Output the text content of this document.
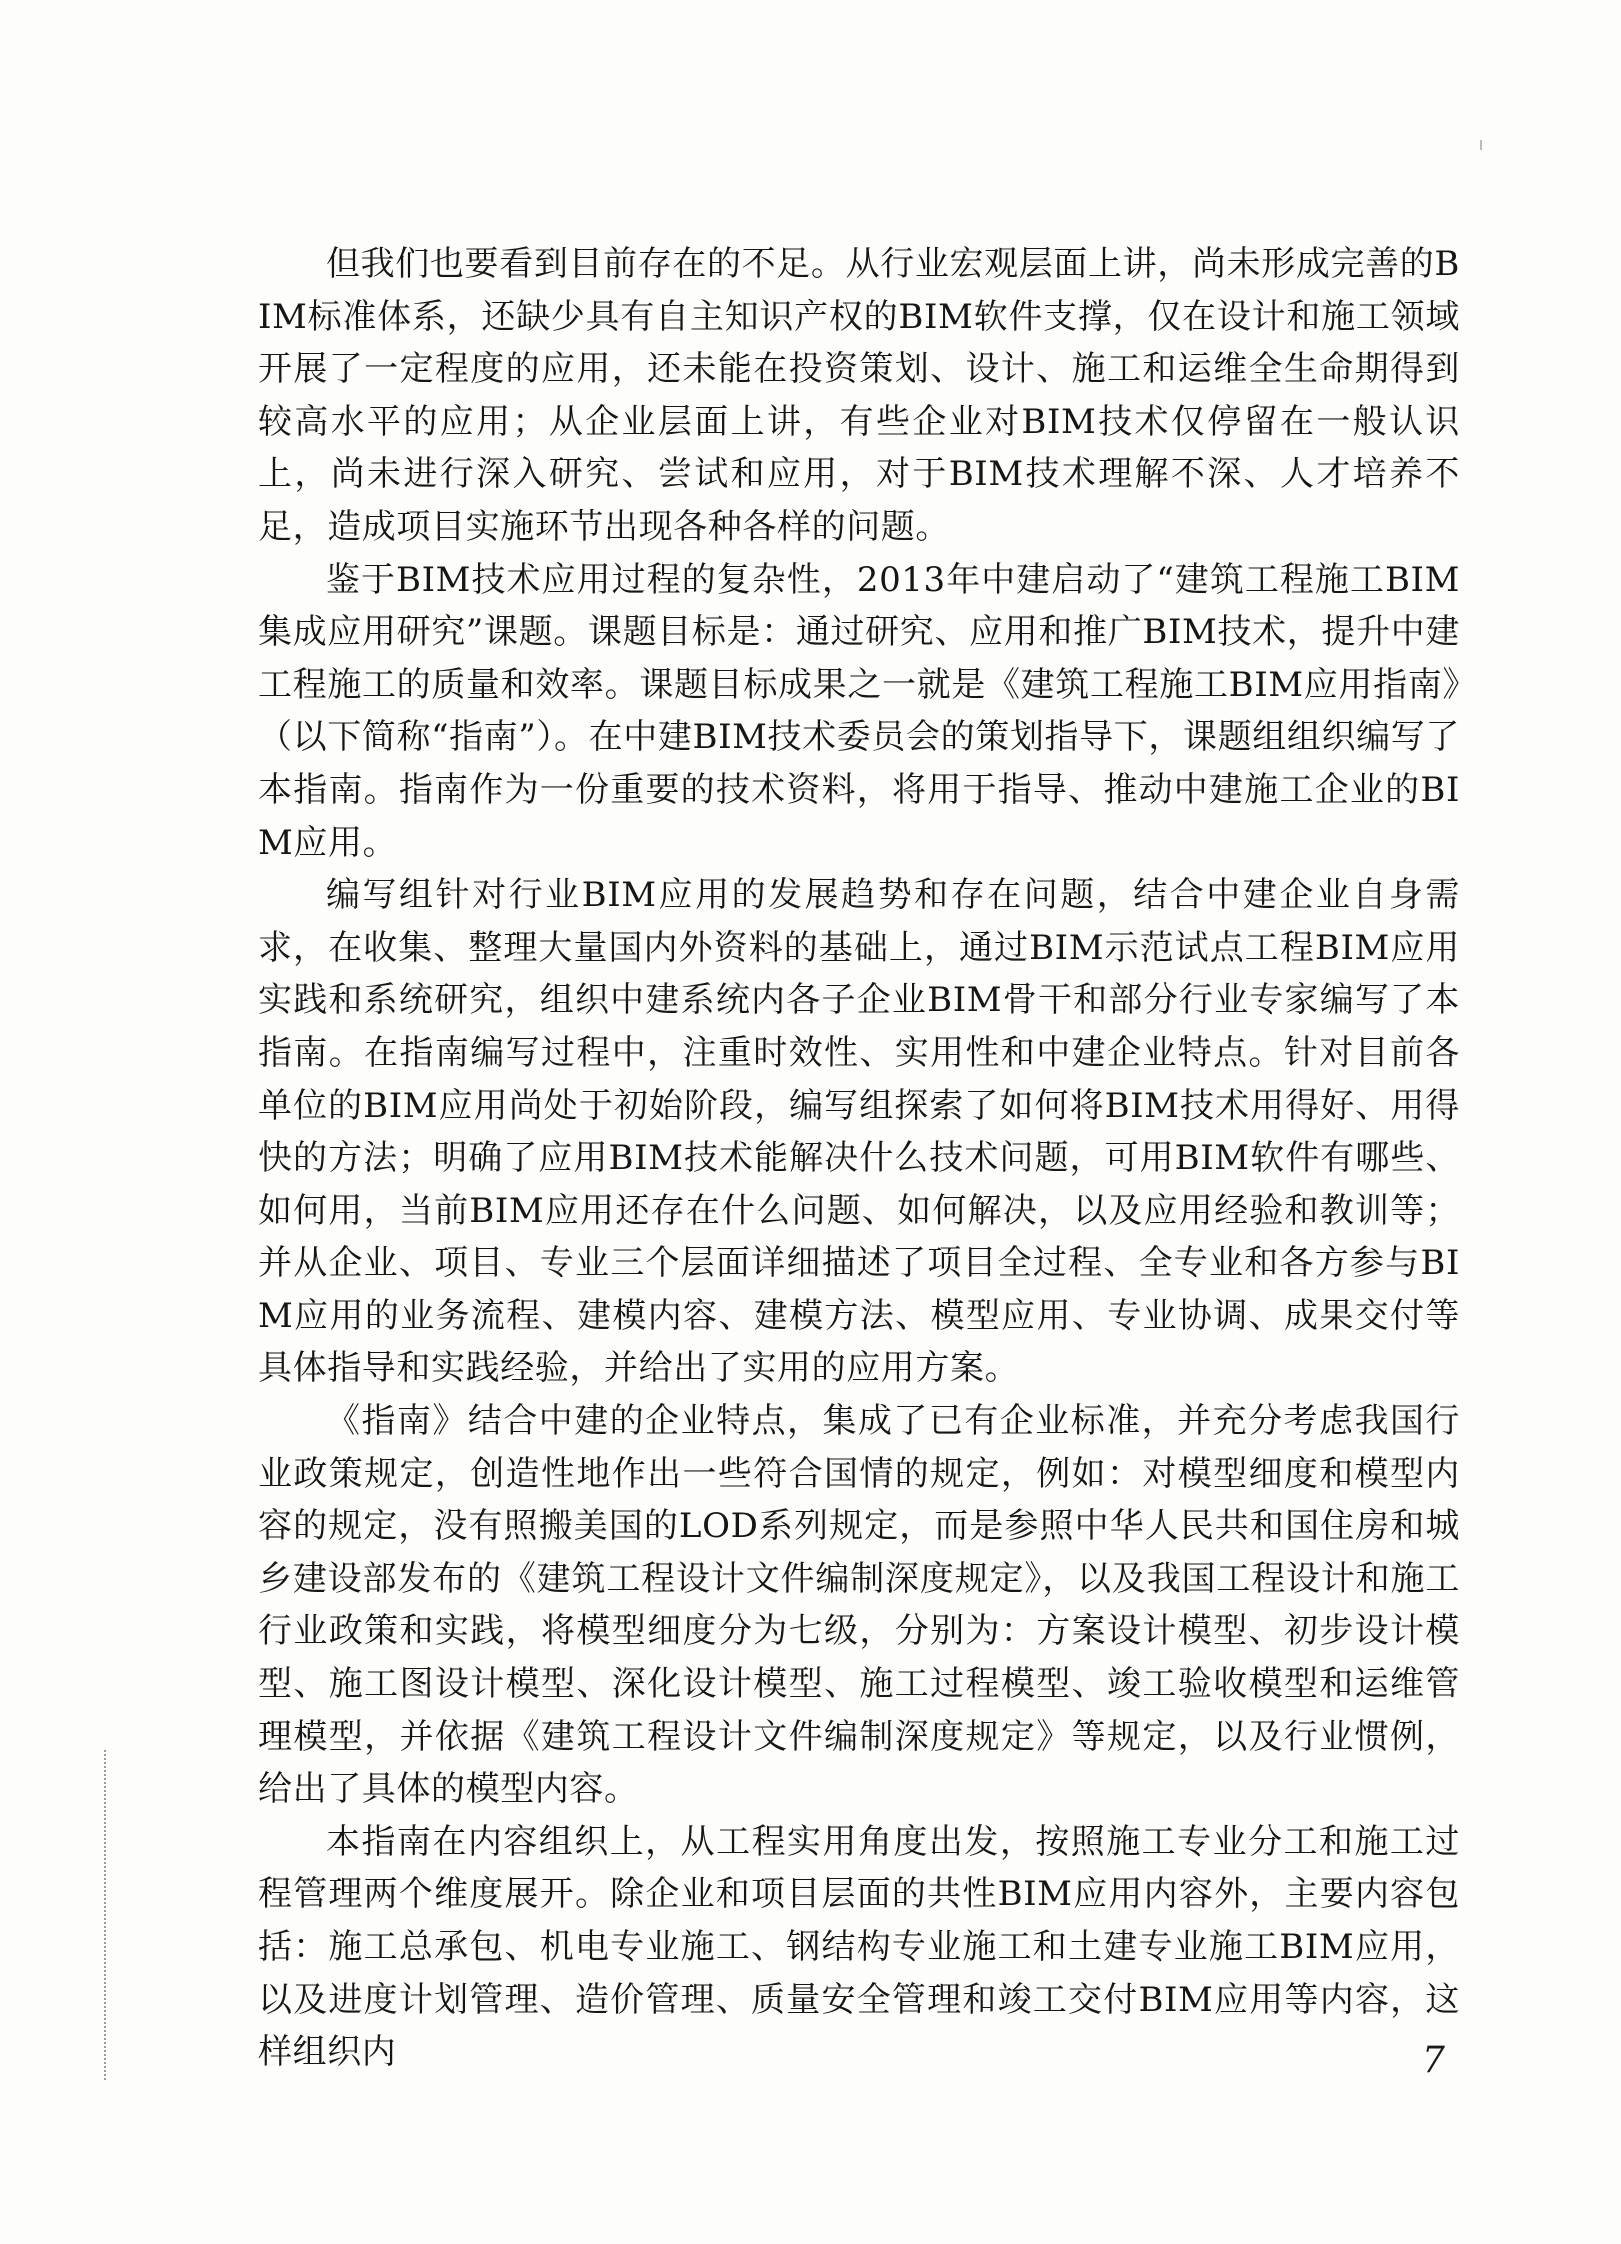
但我们也要看到目前存在的不足。从行业宏观层面上讲，尚未形成完善的BIM标准体系，还缺少具有自主知识产权的BIM软件支撑，仅在设计和施工领域开展了一定程度的应用，还未能在投资策划、设计、施工和运维全生命期得到较高水平的应用；从企业层面上讲，有些企业对BIM技术仅停留在一般认识上，尚未进行深入研究、尝试和应用，对于BIM技术理解不深、人才培养不足，造成项目实施环节出现各种各样的问题。

鉴于BIM技术应用过程的复杂性，2013年中建启动了“建筑工程施工BIM集成应用研究”课题。课题目标是：通过研究、应用和推广BIM技术，提升中建工程施工的质量和效率。课题目标成果之一就是《建筑工程施工BIM应用指南》（以下简称“指南”）。在中建BIM技术委员会的策划指导下，课题组组织编写了本指南。指南作为一份重要的技术资料，将用于指导、推动中建施工企业的BIM应用。

编写组针对行业BIM应用的发展趋势和存在问题，结合中建企业自身需求，在收集、整理大量国内外资料的基础上，通过BIM示范试点工程BIM应用实践和系统研究，组织中建系统内各子企业BIM骨干和部分行业专家编写了本指南。在指南编写过程中，注重时效性、实用性和中建企业特点。针对目前各单位的BIM应用尚处于初始阶段，编写组探索了如何将BIM技术用得好、用得快的方法；明确了应用BIM技术能解决什么技术问题，可用BIM软件有哪些、如何用，当前BIM应用还存在什么问题、如何解决，以及应用经验和教训等；并从企业、项目、专业三个层面详细描述了项目全过程、全专业和各方参与BIM应用的业务流程、建模内容、建模方法、模型应用、专业协调、成果交付等具体指导和实践经验，并给出了实用的应用方案。

《指南》结合中建的企业特点，集成了已有企业标准，并充分考虑我国行业政策规定，创造性地作出一些符合国情的规定，例如：对模型细度和模型内容的规定，没有照搬美国的LOD系列规定，而是参照中华人民共和国住房和城乡建设部发布的《建筑工程设计文件编制深度规定》，以及我国工程设计和施工行业政策和实践，将模型细度分为七级，分别为：方案设计模型、初步设计模型、施工图设计模型、深化设计模型、施工过程模型、竣工验收模型和运维管理模型，并依据《建筑工程设计文件编制深度规定》等规定，以及行业惯例，给出了具体的模型内容。

本指南在内容组织上，从工程实用角度出发，按照施工专业分工和施工过程管理两个维度展开。除企业和项目层面的共性BIM应用内容外，主要内容包括：施工总承包、机电专业施工、钢结构专业施工和土建专业施工BIM应用，以及进度计划管理、造价管理、质量安全管理和竣工交付BIM应用等内容，这样组织内	7
